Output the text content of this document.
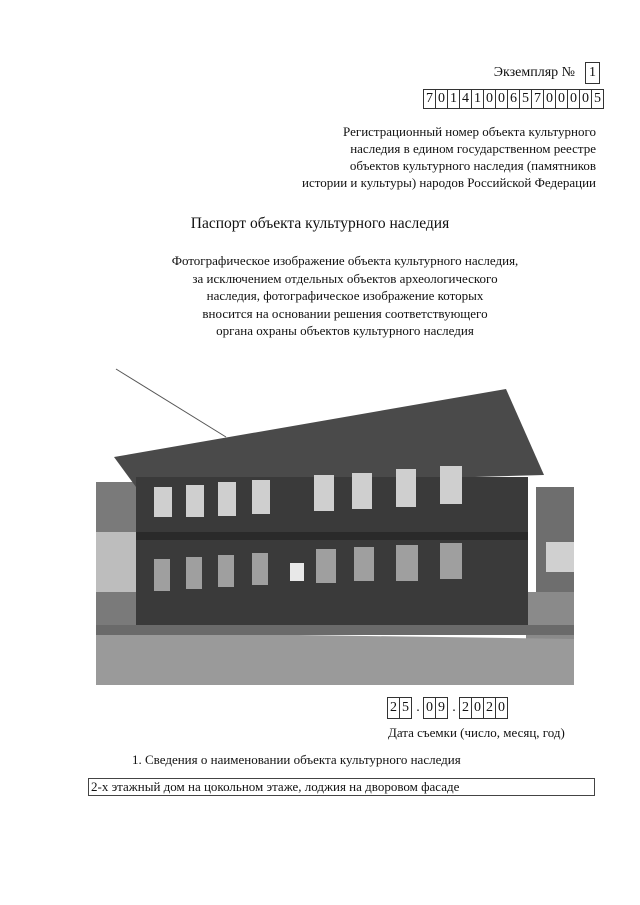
Экземпляр № 1
7 0 1 4 1 0 0 6 5 7 0 0 0 0 5
Регистрационный номер объекта культурного
наследия в едином государственном реестре
объектов культурного наследия (памятников
истории и культуры) народов Российской Федерации
Паспорт объекта культурного наследия
Фотографическое изображение объекта культурного наследия,
за исключением отдельных объектов археологического
наследия, фотографическое изображение которых
вносится на основании решения соответствующего
органа охраны объектов культурного наследия
2 5 . 0 9 . 2 0 2 0
Дата съемки (число, месяц, год)
1. Сведения о наименовании объекта культурного наследия
2-х этажный дом на цокольном этаже, лоджия на дворовом фасаде
